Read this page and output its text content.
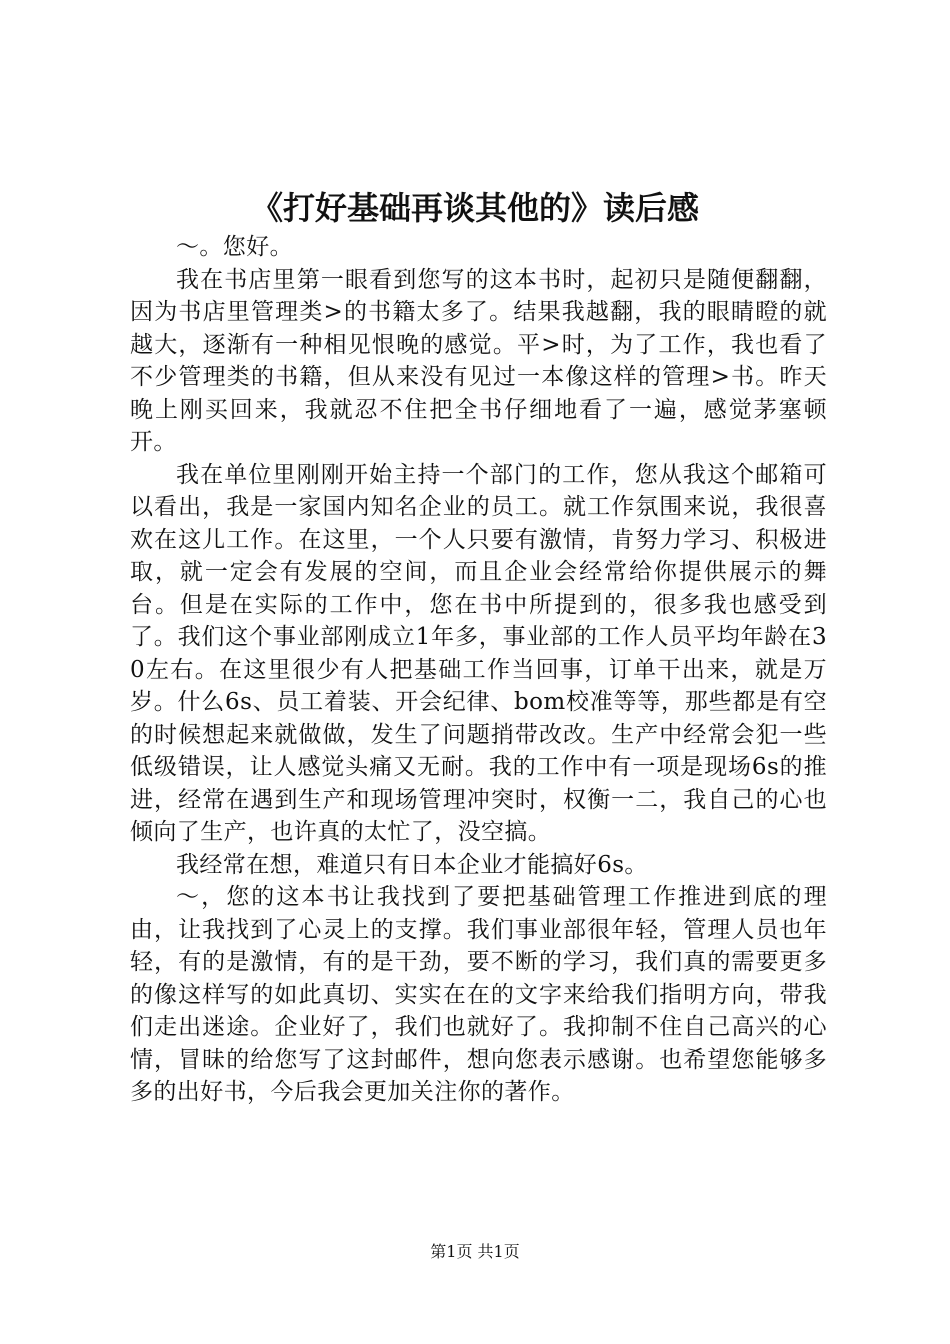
《打好基础再谈其他的》读后感

～。您好。

我在书店里第一眼看到您写的这本书时，起初只是随便翻翻，因为书店里管理类>的书籍太多了。结果我越翻，我的眼睛瞪的就越大，逐渐有一种相见恨晚的感觉。平>时，为了工作，我也看了不少管理类的书籍，但从来没有见过一本像这样的管理>书。昨天晚上刚买回来，我就忍不住把全书仔细地看了一遍，感觉茅塞顿开。

我在单位里刚刚开始主持一个部门的工作，您从我这个邮箱可以看出，我是一家国内知名企业的员工。就工作氛围来说，我很喜欢在这儿工作。在这里，一个人只要有激情，肯努力学习、积极进取，就一定会有发展的空间，而且企业会经常给你提供展示的舞台。但是在实际的工作中，您在书中所提到的，很多我也感受到了。我们这个事业部刚成立1年多，事业部的工作人员平均年龄在30左右。在这里很少有人把基础工作当回事，订单干出来，就是万岁。什么6s、员工着装、开会纪律、bom校准等等，那些都是有空的时候想起来就做做，发生了问题捎带改改。生产中经常会犯一些低级错误，让人感觉头痛又无耐。我的工作中有一项是现场6s的推进，经常在遇到生产和现场管理冲突时，权衡一二，我自己的心也倾向了生产，也许真的太忙了，没空搞。

我经常在想，难道只有日本企业才能搞好6s。

～，您的这本书让我找到了要把基础管理工作推进到底的理由，让我找到了心灵上的支撑。我们事业部很年轻，管理人员也年轻，有的是激情，有的是干劲，要不断的学习，我们真的需要更多的像这样写的如此真切、实实在在的文字来给我们指明方向，带我们走出迷途。企业好了，我们也就好了。我抑制不住自己高兴的心情，冒昧的给您写了这封邮件，想向您表示感谢。也希望您能够多多的出好书，今后我会更加关注你的著作。

第1页 共1页
